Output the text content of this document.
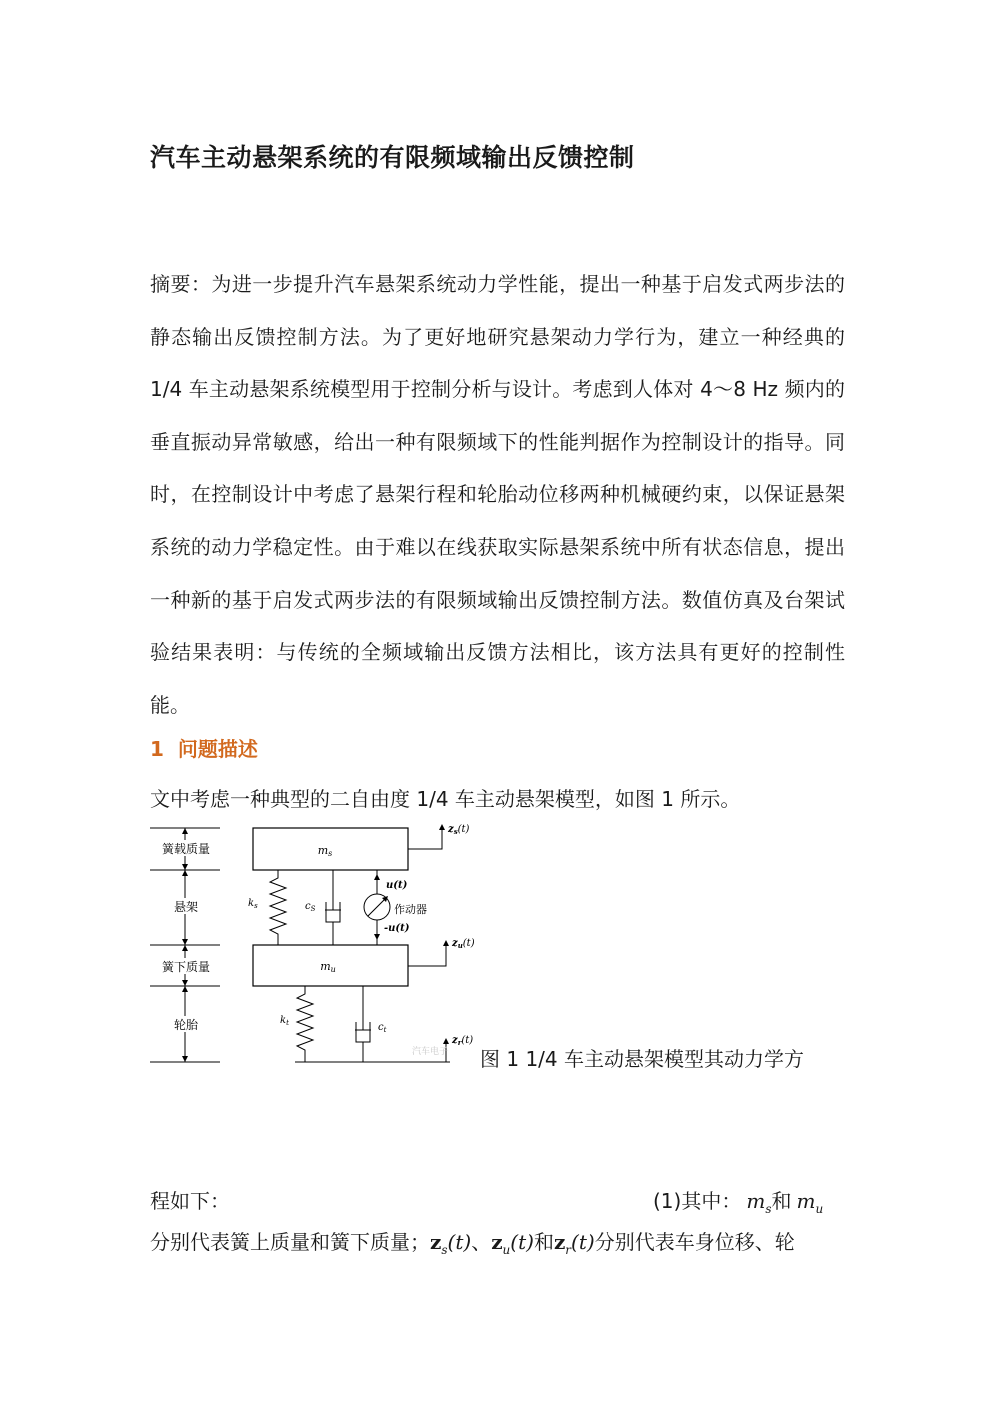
汽车主动悬架系统的有限频域输出反馈控制

摘要：为进一步提升汽车悬架系统动力学性能，提出一种基于启发式两步法的静态输出反馈控制方法。为了更好地研究悬架动力学行为，建立一种经典的 1/4 车主动悬架系统模型用于控制分析与设计。考虑到人体对 4～8 Hz 频内的垂直振动异常敏感，给出一种有限频域下的性能判据作为控制设计的指导。同时，在控制设计中考虑了悬架行程和轮胎动位移两种机械硬约束，以保证悬架系统的动力学稳定性。由于难以在线获取实际悬架系统中所有状态信息，提出一种新的基于启发式两步法的有限频域输出反馈控制方法。数值仿真及台架试验结果表明：与传统的全频域输出反馈方法相比，该方法具有更好的控制性能。

1 问题描述

文中考虑一种典型的二自由度 1/4 车主动悬架模型，如图 1 所示。

簧载质量
悬架
簧下质量
轮胎
ms
mu
$k_s$	$c_S$
u(t)
作动器
-u(t)
$z_s(t)$
$z_u(t)$
$k_t$	$c_t$
$z_r(t)$
汽车电子 图 1 1/4 车主动悬架模型其动力学方

程如下：	(1)其中：  $m_s$和  $m_u$

分别代表簧上质量和簧下质量；$z_s(t)$、$z_u(t)$和$z_r(t)$分别代表车身位移、轮
